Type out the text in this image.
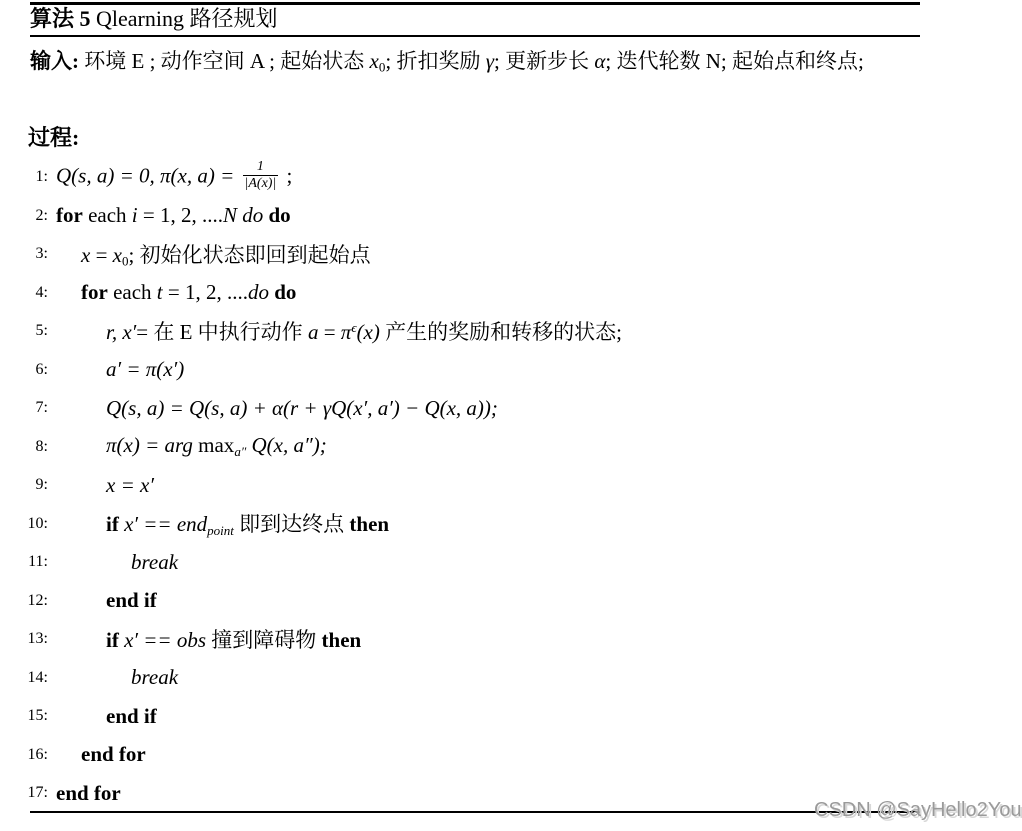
算法 5 Qlearning 路径规划

输入: 环境 E ; 动作空间 A ; 起始状态 $x_0$; 折扣奖励 γ; 更新步长 α; 迭代轮数 N; 起始点和终点;

过程:
1: Q(s, a) = 0, π(x, $a) = \frac{1}{|A(x)|}$ ;
2: for each i = 1, 2, ....N do do
3: $x = x_0$; 初始化状态即回到起始点
4: for each t = 1, 2, ....do do
5:	r, x′= 在 E 中执行动作 $a = \pi^\epsilon(x)$ 产生的奖励和转移的状态;
6:	a′ = π(x′)
7:	Q(s, a) = Q(s, a) + α(r + γQ(x′, a′) − Q(x, a));
8:	π(x) = arg maxa″ Q(x, a″);
9:	x = x′
10:	if x′ == endpoint 即到达终点 then
11:	break
12:	end if
13:	if x′ == obs 撞到障碍物 then
14:	break
15:	end if
16: end for
17: end for
CSDN @SayHello2You
